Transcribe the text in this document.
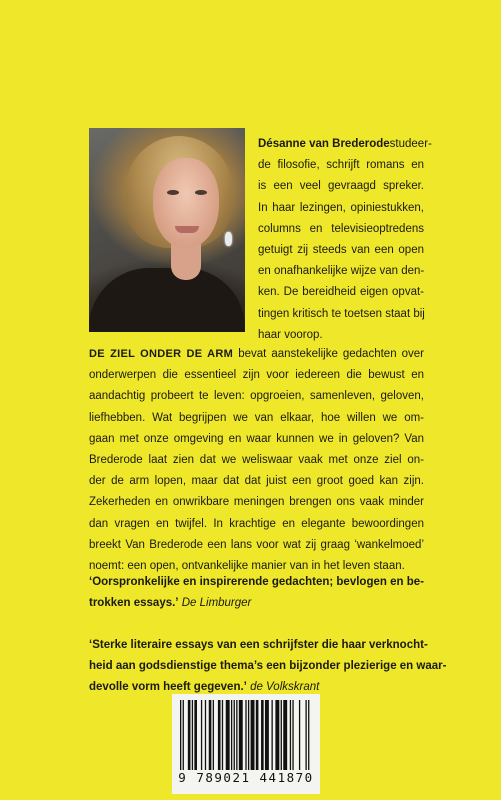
Désanne van Brederodestudeer-
de filosofie, schrijft romans en
is een veel gevraagd spreker.
In haar lezingen, opiniestukken,
columns en televisieoptredens
getuigt zij steeds van een open
en onafhankelijke wijze van den-
ken. De bereidheid eigen opvat-
tingen kritisch te toetsen staat bij
haar voorop.
DE ZIEL ONDER DE ARM bevat aanstekelijke gedachten over
onderwerpen die essentieel zijn voor iedereen die bewust en
aandachtig probeert te leven: opgroeien, samenleven, geloven,
liefhebben. Wat begrijpen we van elkaar, hoe willen we om-
gaan met onze omgeving en waar kunnen we in geloven? Van
Brederode laat zien dat we weliswaar vaak met onze ziel on-
der de arm lopen, maar dat dat juist een groot goed kan zijn.
Zekerheden en onwrikbare meningen brengen ons vaak minder
dan vragen en twijfel. In krachtige en elegante bewoordingen
breekt Van Brederode een lans voor wat zij graag ‘wankelmoed’
noemt: een open, ontvankelijke manier van in het leven staan.
‘Oorspronkelijke en inspirerende gedachten; bevlogen en be-
trokken essays.’ De Limburger
‘Sterke literaire essays van een schrijfster die haar verknocht-
heid aan godsdienstige thema’s een bijzonder plezierige en waar-
devolle vorm heeft gegeven.’ de Volkskrant
9 789021 441870
